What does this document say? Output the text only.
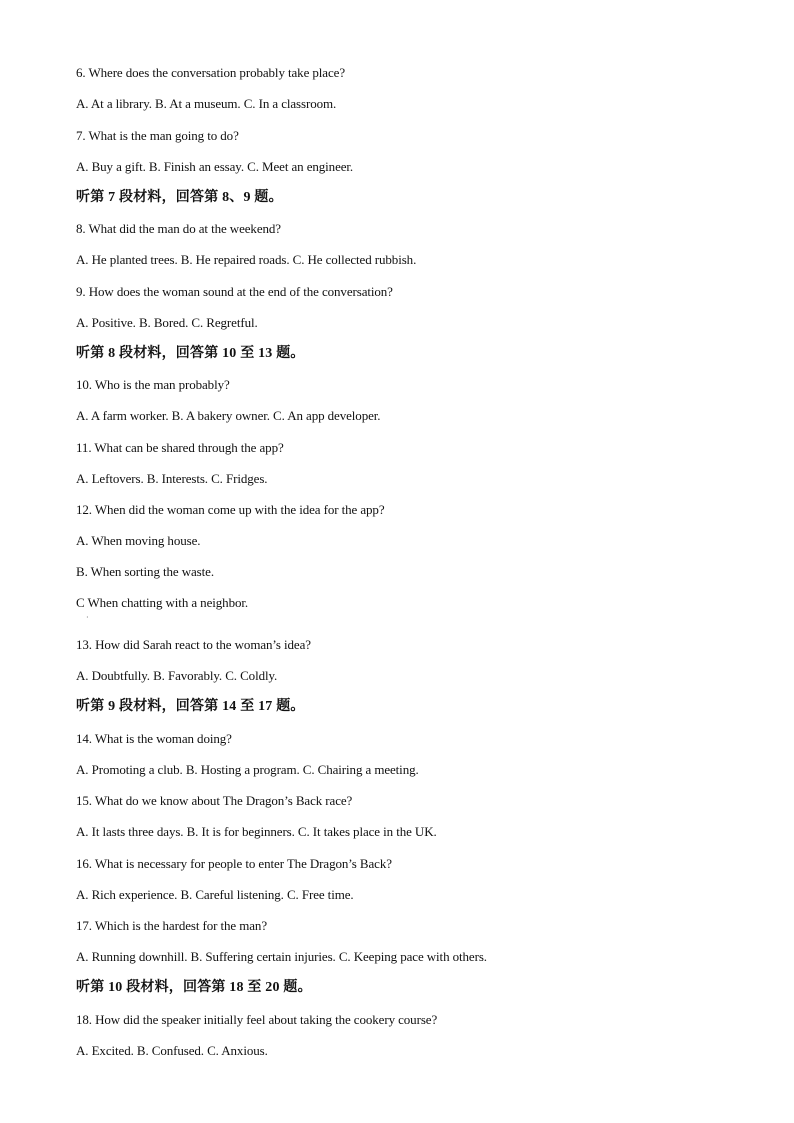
6. Where does the conversation probably take place?
A. At a library. B. At a museum. C. In a classroom.
7. What is the man going to do?
A. Buy a gift. B. Finish an essay. C. Meet an engineer.
听第 7 段材料，回答第 8、9 题。
8. What did the man do at the weekend?
A. He planted trees. B. He repaired roads. C. He collected rubbish.
9. How does the woman sound at the end of the conversation?
A. Positive. B. Bored. C. Regretful.
听第 8 段材料，回答第 10 至 13 题。
10. Who is the man probably?
A. A farm worker. B. A bakery owner. C. An app developer.
11. What can be shared through the app?
A. Leftovers. B. Interests. C. Fridges.
12. When did the woman come up with the idea for the app?
A. When moving house.
B. When sorting the waste.
C When chatting with a neighbor.
·
13. How did Sarah react to the woman’s idea?
A. Doubtfully. B. Favorably. C. Coldly.
听第 9 段材料，回答第 14 至 17 题。
14. What is the woman doing?
A. Promoting a club. B. Hosting a program. C. Chairing a meeting.
15. What do we know about The Dragon’s Back race?
A. It lasts three days. B. It is for beginners. C. It takes place in the UK.
16. What is necessary for people to enter The Dragon’s Back?
A. Rich experience. B. Careful listening. C. Free time.
17. Which is the hardest for the man?
A. Running downhill. B. Suffering certain injuries. C. Keeping pace with others.
听第 10 段材料，回答第 18 至 20 题。
18. How did the speaker initially feel about taking the cookery course?
A. Excited. B. Confused. C. Anxious.
